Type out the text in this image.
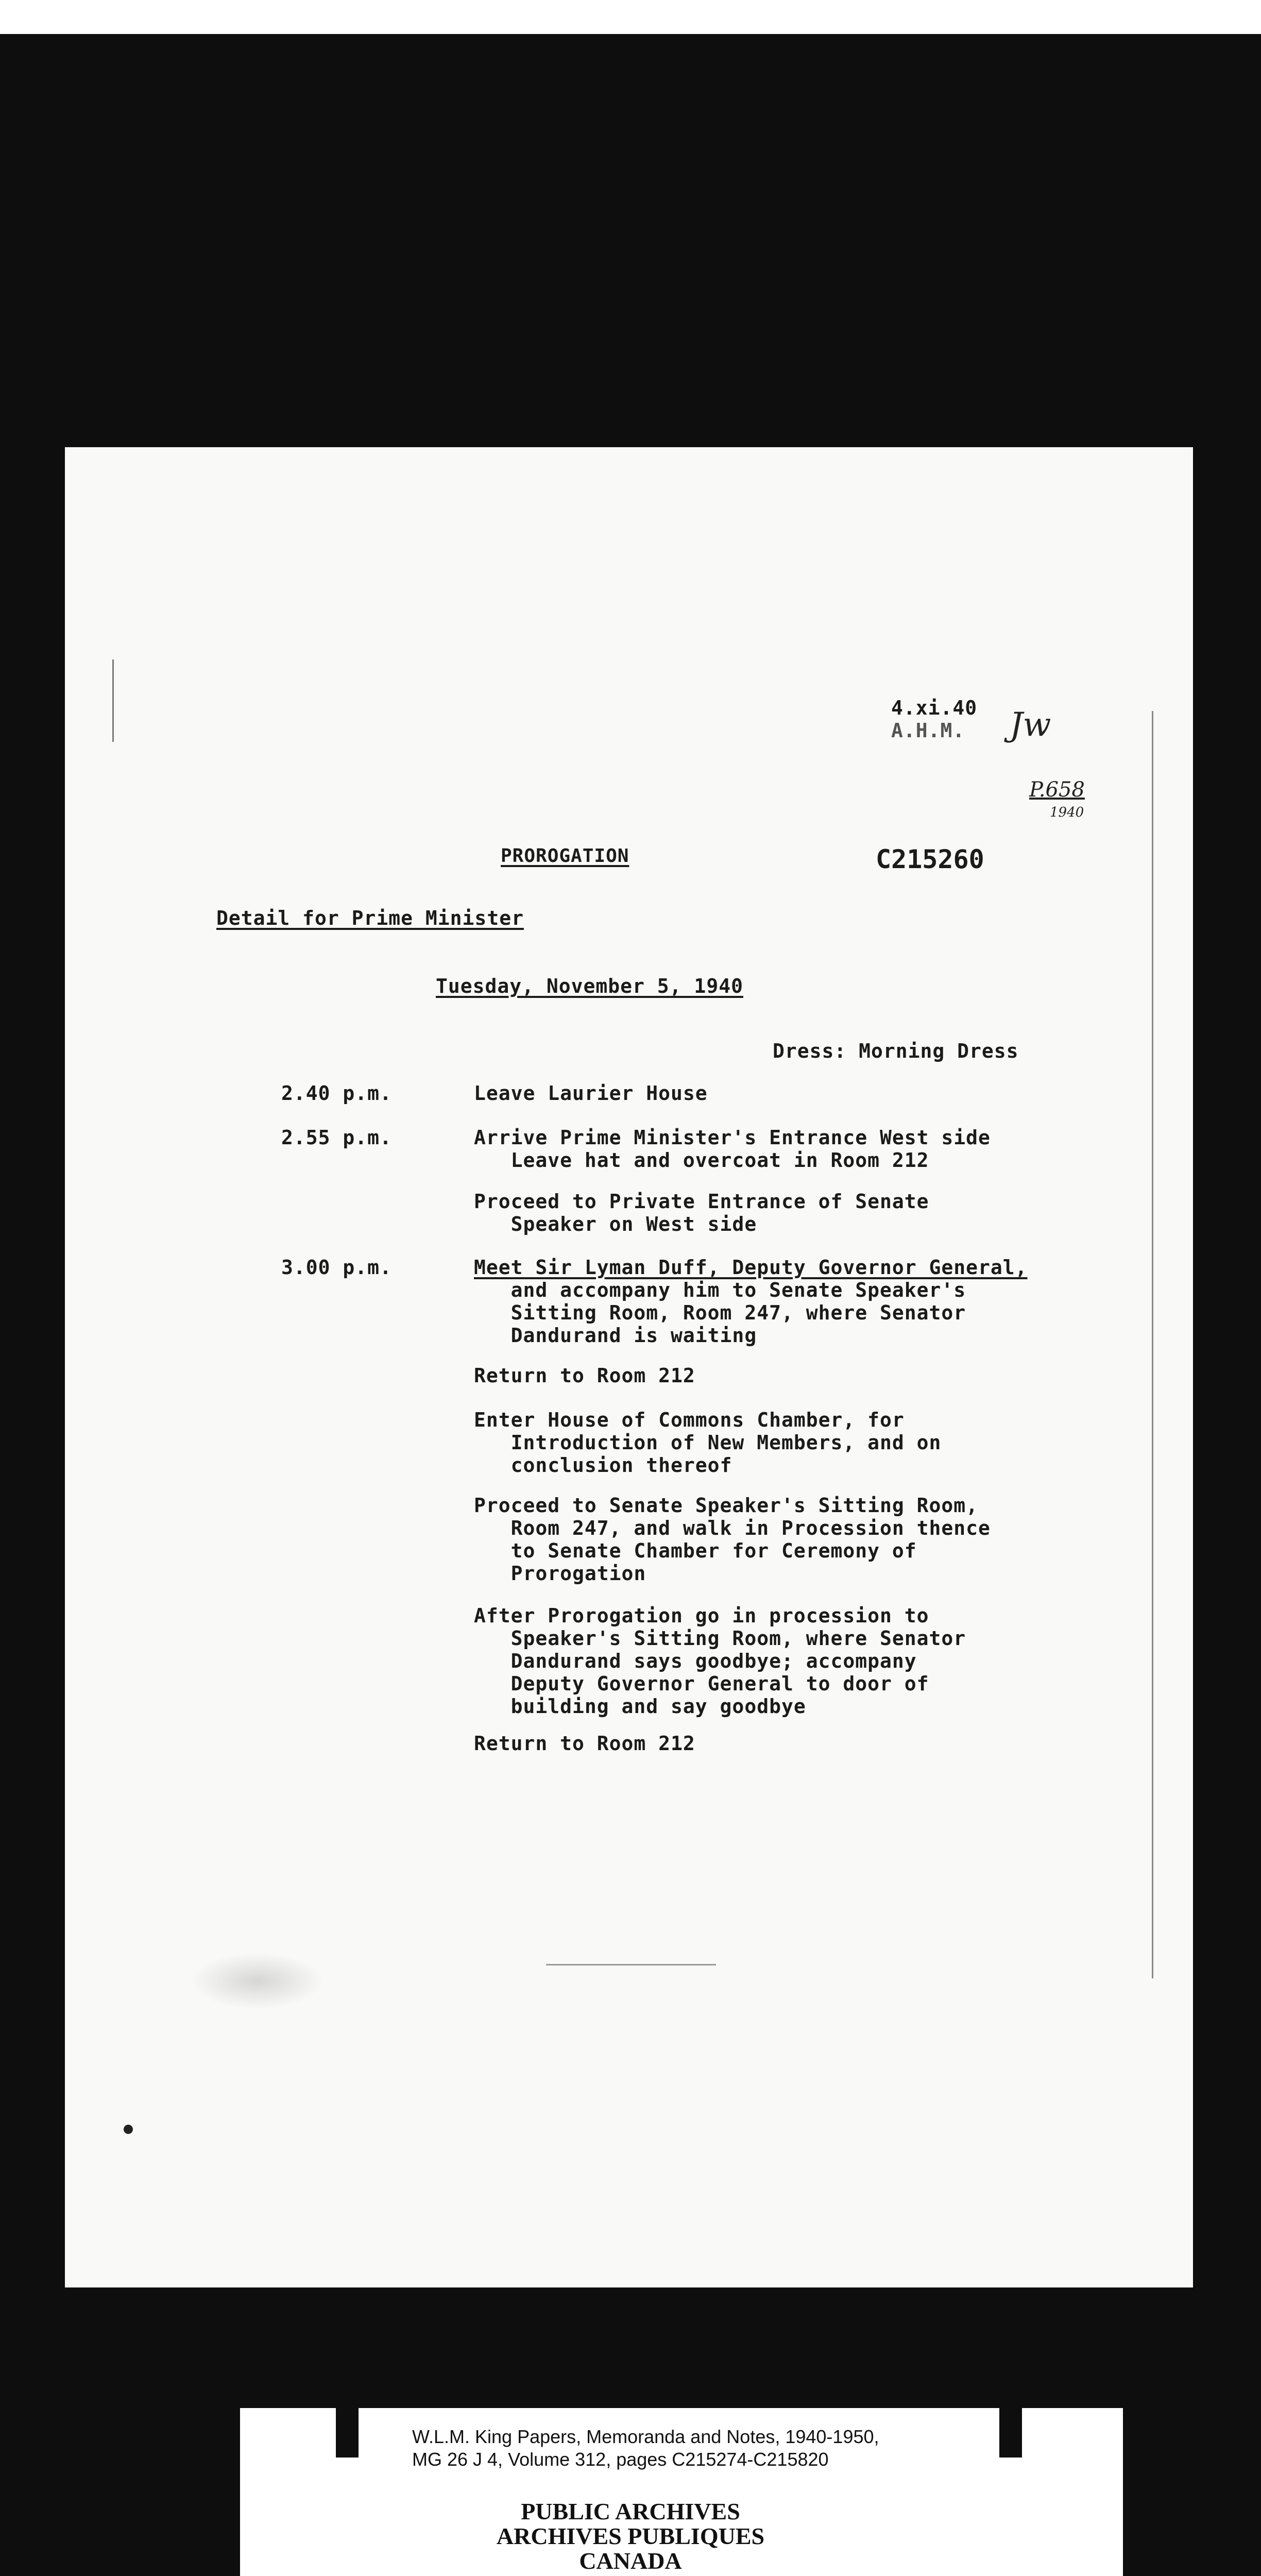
4.xi.40
A.H.M. Jw
P.658
1940
PROROGATION	C215260
Detail for Prime Minister
Tuesday, November 5, 1940
Dress: Morning Dress
2.40 p.m.	Leave Laurier House
2.55 p.m.	Arrive Prime Minister's Entrance West side
Leave hat and overcoat in Room 212
Proceed to Private Entrance of Senate
Speaker on West side
3.00 p.m.	Meet Sir Lyman Duff, Deputy Governor General,
and accompany him to Senate Speaker's
Sitting Room, Room 247, where Senator
Dandurand is waiting
Return to Room 212
Enter House of Commons Chamber, for
Introduction of New Members, and on
conclusion thereof
Proceed to Senate Speaker's Sitting Room,
Room 247, and walk in Procession thence
to Senate Chamber for Ceremony of
Prorogation
After Prorogation go in procession to
Speaker's Sitting Room, where Senator
Dandurand says goodbye; accompany
Deputy Governor General to door of
building and say goodbye
Return to Room 212
W.L.M. King Papers, Memoranda and Notes, 1940-1950,
MG 26 J 4, Volume 312, pages C215274-C215820
PUBLIC ARCHIVES
ARCHIVES PUBLIQUES
CANADA
